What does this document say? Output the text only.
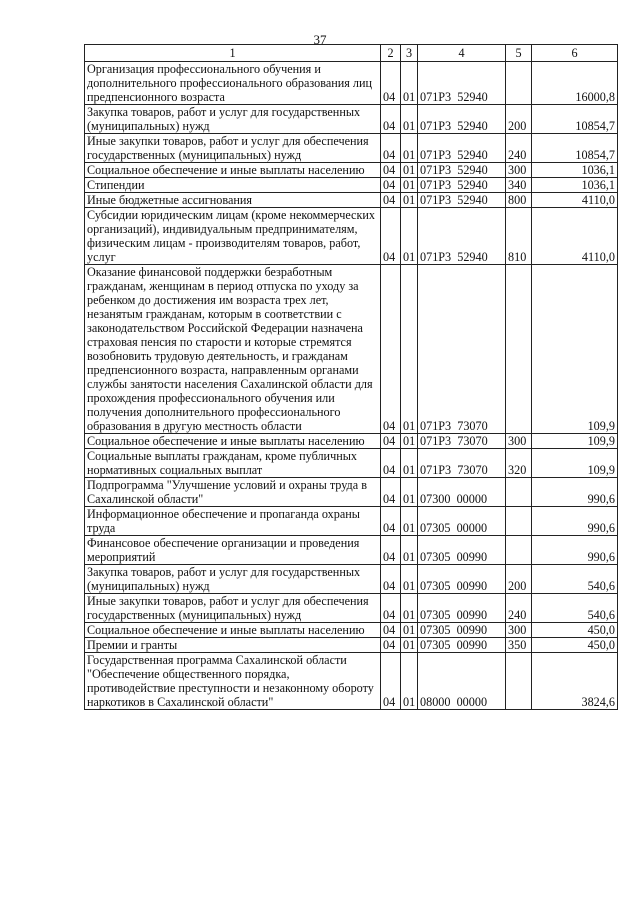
37
1	2	3	4	5	6
Организация профессионального обучения и дополнительного профессионального образования лиц предпенсионного возраста	04	01	071Р3  52940		16000,8
Закупка товаров, работ и услуг для государственных (муниципальных) нужд	04	01	071Р3  52940	200	10854,7
Иные закупки товаров, работ и услуг для обеспечения государственных (муниципальных) нужд	04	01	071Р3  52940	240	10854,7
Социальное обеспечение и иные выплаты населению	04	01	071Р3  52940	300	1036,1
Стипендии	04	01	071Р3  52940	340	1036,1
Иные бюджетные ассигнования	04	01	071Р3  52940	800	4110,0
Субсидии юридическим лицам (кроме некоммерческих организаций), индивидуальным предпринимателям, физическим лицам - производителям товаров, работ, услуг	04	01	071Р3  52940	810	4110,0
Оказание финансовой поддержки безработным гражданам, женщинам в период отпуска по уходу за ребенком до достижения им возраста трех лет, незанятым гражданам, которым в соответствии с законодательством Российской Федерации назначена страховая пенсия по старости и которые стремятся возобновить трудовую деятельность, и гражданам предпенсионного возраста, направленным органами службы занятости населения Сахалинской области для прохождения профессионального обучения или получения дополнительного профессионального образования в другую местность области	04	01	071Р3  73070		109,9
Социальное обеспечение и иные выплаты населению	04	01	071Р3  73070	300	109,9
Социальные выплаты гражданам, кроме публичных нормативных социальных выплат	04	01	071Р3  73070	320	109,9
Подпрограмма "Улучшение условий и охраны труда в Сахалинской области"	04	01	07300  00000		990,6
Информационное обеспечение и пропаганда охраны труда	04	01	07305  00000		990,6
Финансовое обеспечение организации и проведения мероприятий	04	01	07305  00990		990,6
Закупка товаров, работ и услуг для государственных (муниципальных) нужд	04	01	07305  00990	200	540,6
Иные закупки товаров, работ и услуг для обеспечения государственных (муниципальных) нужд	04	01	07305  00990	240	540,6
Социальное обеспечение и иные выплаты населению	04	01	07305  00990	300	450,0
Премии и гранты	04	01	07305  00990	350	450,0
Государственная программа Сахалинской области "Обеспечение общественного порядка, противодействие преступности и незаконному обороту наркотиков в Сахалинской области"	04	01	08000  00000		3824,6
